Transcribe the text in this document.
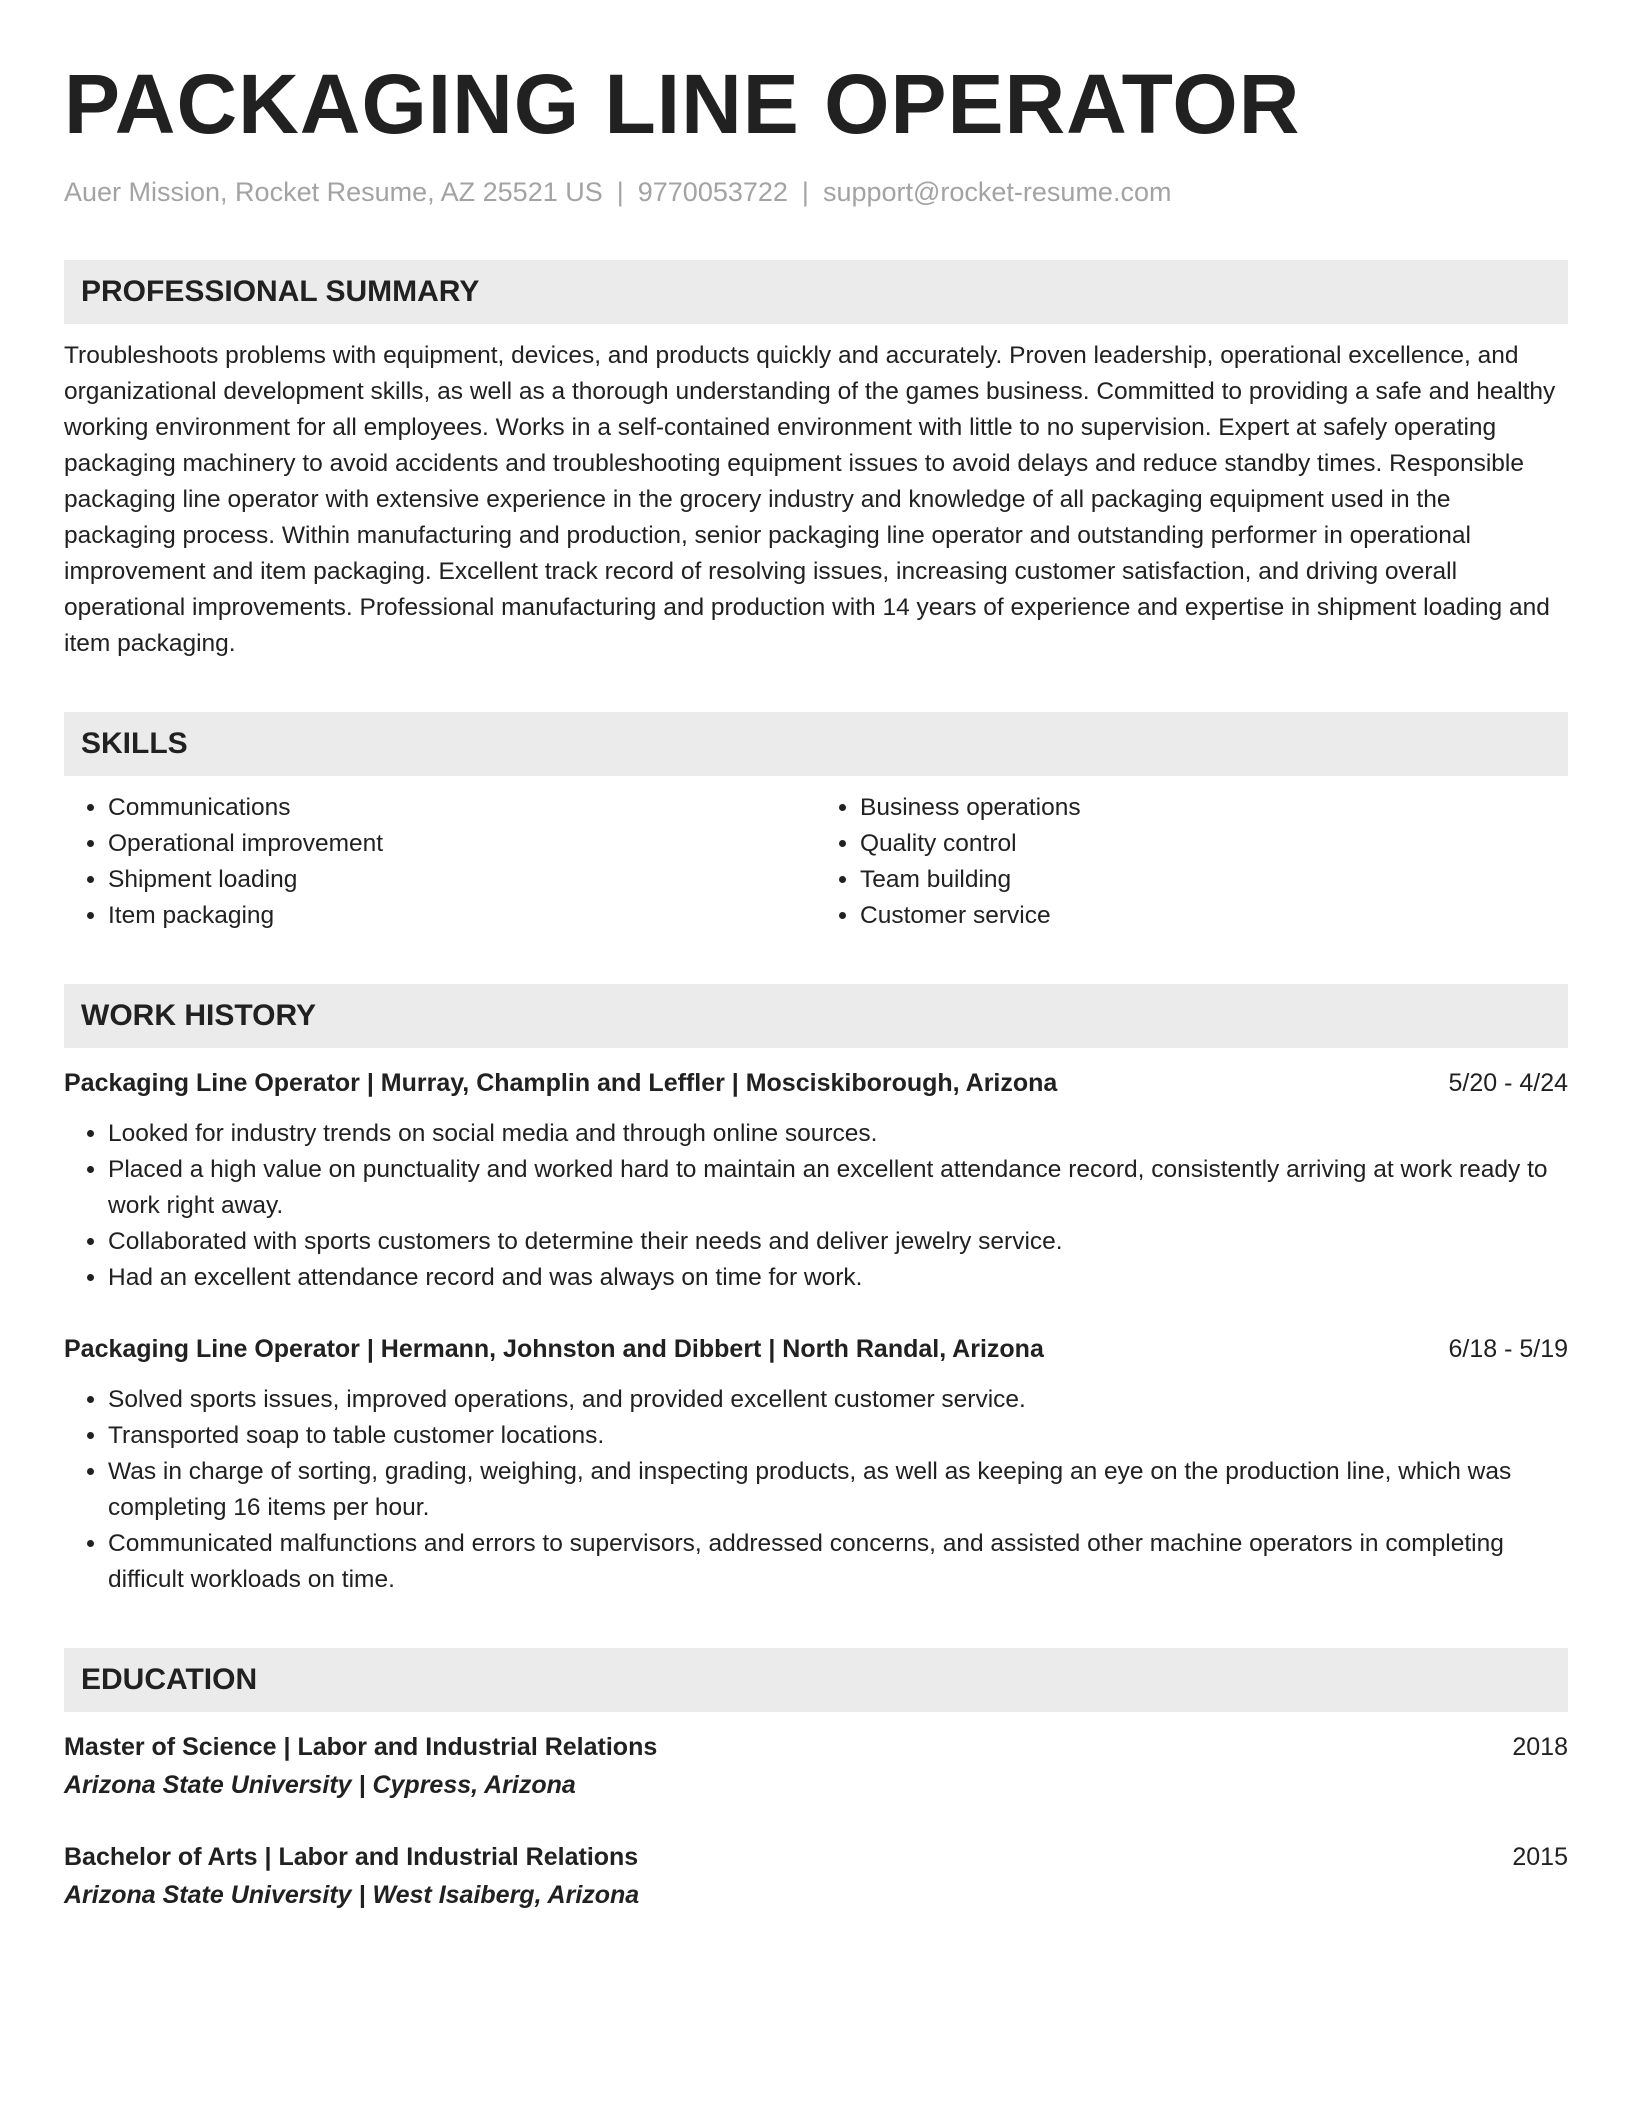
PACKAGING LINE OPERATOR
Auer Mission, Rocket Resume, AZ 25521 US | 9770053722 | support@rocket-resume.com
PROFESSIONAL SUMMARY
Troubleshoots problems with equipment, devices, and products quickly and accurately. Proven leadership, operational excellence, and organizational development skills, as well as a thorough understanding of the games business. Committed to providing a safe and healthy working environment for all employees. Works in a self-contained environment with little to no supervision. Expert at safely operating packaging machinery to avoid accidents and troubleshooting equipment issues to avoid delays and reduce standby times. Responsible packaging line operator with extensive experience in the grocery industry and knowledge of all packaging equipment used in the packaging process. Within manufacturing and production, senior packaging line operator and outstanding performer in operational improvement and item packaging. Excellent track record of resolving issues, increasing customer satisfaction, and driving overall operational improvements. Professional manufacturing and production with 14 years of experience and expertise in shipment loading and item packaging.
SKILLS
• Communications
• Operational improvement
• Shipment loading
• Item packaging
• Business operations
• Quality control
• Team building
• Customer service
WORK HISTORY
Packaging Line Operator | Murray, Champlin and Leffler | Mosciskiborough, Arizona	5/20 - 4/24
• Looked for industry trends on social media and through online sources.
• Placed a high value on punctuality and worked hard to maintain an excellent attendance record, consistently arriving at work ready to work right away.
• Collaborated with sports customers to determine their needs and deliver jewelry service.
• Had an excellent attendance record and was always on time for work.
Packaging Line Operator | Hermann, Johnston and Dibbert | North Randal, Arizona	6/18 - 5/19
• Solved sports issues, improved operations, and provided excellent customer service.
• Transported soap to table customer locations.
• Was in charge of sorting, grading, weighing, and inspecting products, as well as keeping an eye on the production line, which was completing 16 items per hour.
• Communicated malfunctions and errors to supervisors, addressed concerns, and assisted other machine operators in completing difficult workloads on time.
EDUCATION
Master of Science | Labor and Industrial Relations	2018
Arizona State University | Cypress, Arizona
Bachelor of Arts | Labor and Industrial Relations	2015
Arizona State University | West Isaiberg, Arizona
